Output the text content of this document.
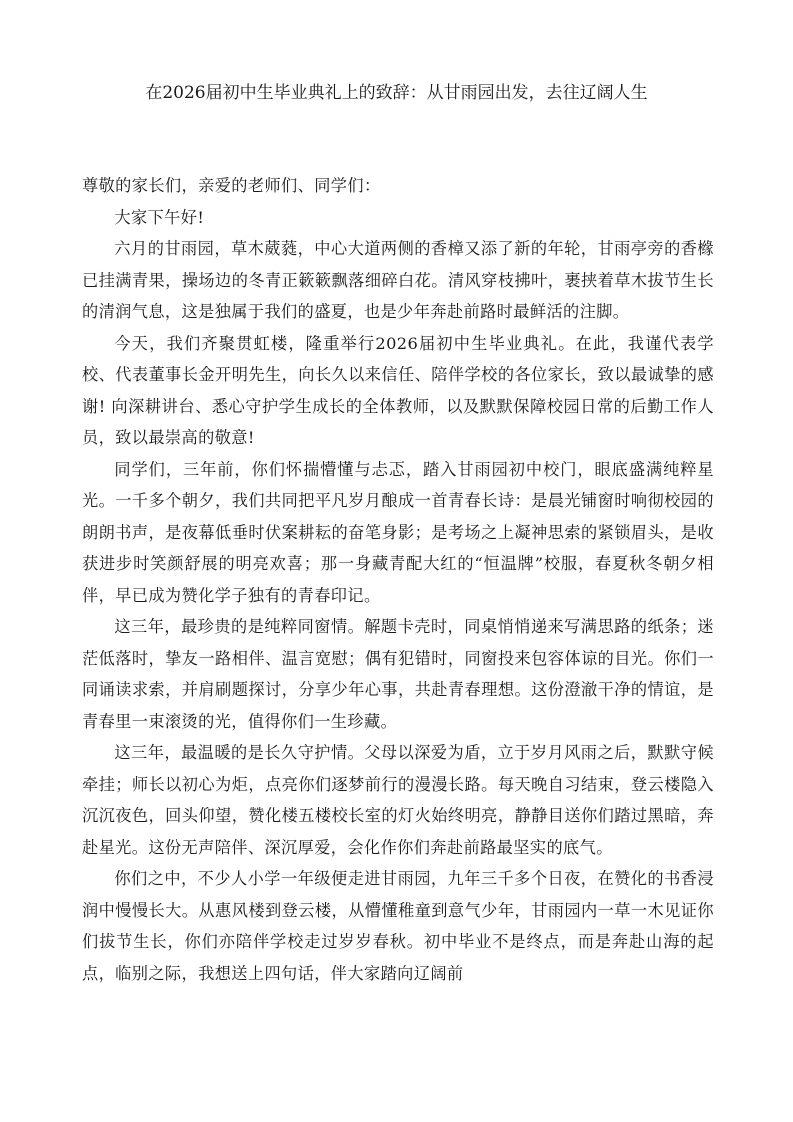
在2026届初中生毕业典礼上的致辞：从甘雨园出发，去往辽阔人生

尊敬的家长们，亲爱的老师们、同学们：

大家下午好!

六月的甘雨园，草木葳蕤，中心大道两侧的香樟又添了新的年轮，甘雨亭旁的香橼已挂满青果，操场边的冬青正簌簌飘落细碎白花。清风穿枝拂叶，裹挟着草木拔节生长的清润气息，这是独属于我们的盛夏，也是少年奔赴前路时最鲜活的注脚。

今天，我们齐聚贯虹楼，隆重举行2026届初中生毕业典礼。在此，我谨代表学校、代表董事长金开明先生，向长久以来信任、陪伴学校的各位家长，致以最诚挚的感谢! 向深耕讲台、悉心守护学生成长的全体教师，以及默默保障校园日常的后勤工作人员，致以最崇高的敬意!

同学们，三年前，你们怀揣懵懂与忐忑，踏入甘雨园初中校门，眼底盛满纯粹星光。一千多个朝夕，我们共同把平凡岁月酿成一首青春长诗：是晨光铺窗时响彻校园的朗朗书声，是夜幕低垂时伏案耕耘的奋笔身影；是考场之上凝神思索的紧锁眉头，是收获进步时笑颜舒展的明亮欢喜；那一身藏青配大红的“恒温牌”校服，春夏秋冬朝夕相伴，早已成为赞化学子独有的青春印记。

这三年，最珍贵的是纯粹同窗情。解题卡壳时，同桌悄悄递来写满思路的纸条；迷茫低落时，挚友一路相伴、温言宽慰；偶有犯错时，同窗投来包容体谅的目光。你们一同诵读求索，并肩刷题探讨，分享少年心事，共赴青春理想。这份澄澈干净的情谊，是青春里一束滚烫的光，值得你们一生珍藏。

这三年，最温暖的是长久守护情。父母以深爱为盾，立于岁月风雨之后，默默守候牵挂；师长以初心为炬，点亮你们逐梦前行的漫漫长路。每天晚自习结束，登云楼隐入沉沉夜色，回头仰望，赞化楼五楼校长室的灯火始终明亮，静静目送你们踏过黑暗，奔赴星光。这份无声陪伴、深沉厚爱，会化作你们奔赴前路最坚实的底气。

你们之中，不少人小学一年级便走进甘雨园，九年三千多个日夜，在赞化的书香浸润中慢慢长大。从惠风楼到登云楼，从懵懂稚童到意气少年，甘雨园内一草一木见证你们拔节生长，你们亦陪伴学校走过岁岁春秋。初中毕业不是终点，而是奔赴山海的起点，临别之际，我想送上四句话，伴大家踏向辽阔前
